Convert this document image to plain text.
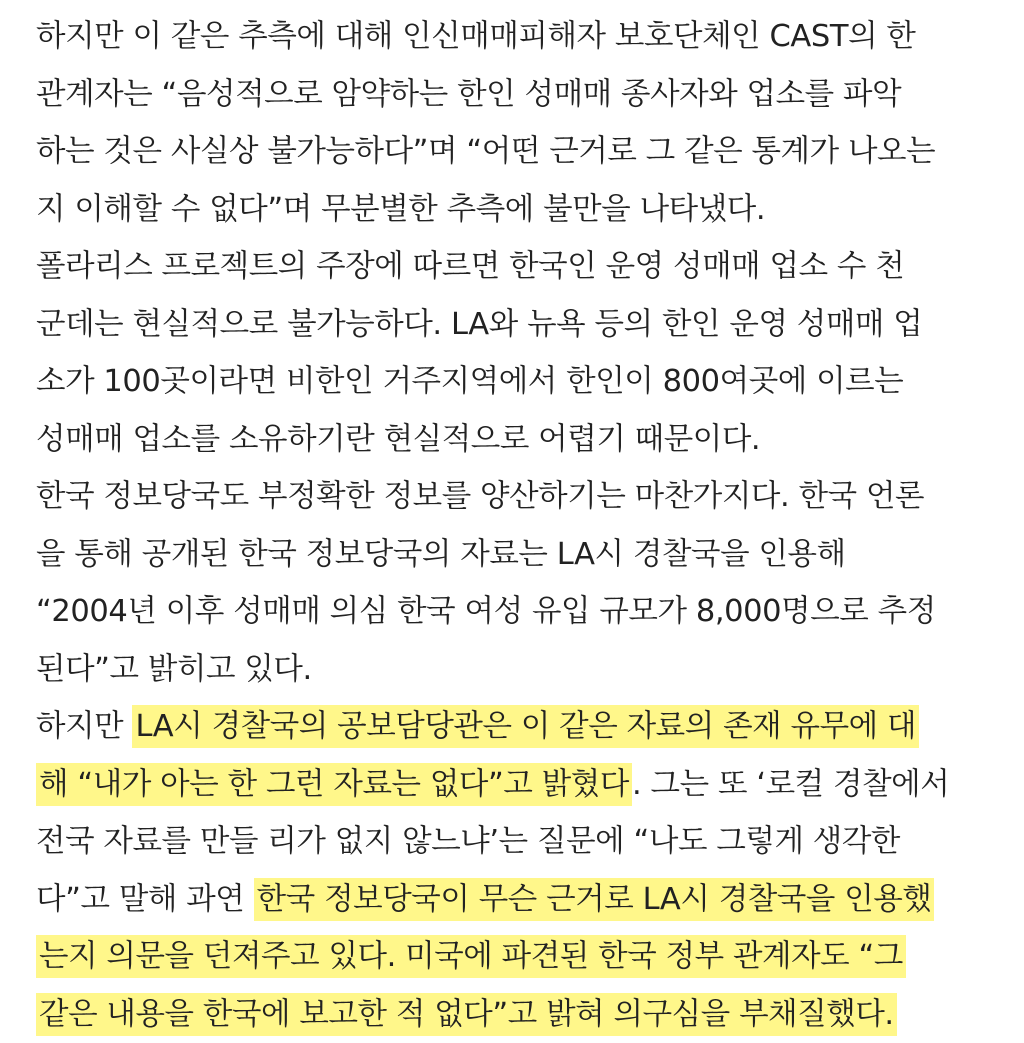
하지만 이 같은 추측에 대해 인신매매피해자 보호단체인 CAST의 한
관계자는 “음성적으로 암약하는 한인 성매매 종사자와 업소를 파악
하는 것은 사실상 불가능하다”며 “어떤 근거로 그 같은 통계가 나오는
지 이해할 수 없다”며 무분별한 추측에 불만을 나타냈다.
폴라리스 프로젝트의 주장에 따르면 한국인 운영 성매매 업소 수 천
군데는 현실적으로 불가능하다. LA와 뉴욕 등의 한인 운영 성매매 업
소가 100곳이라면 비한인 거주지역에서 한인이 800여곳에 이르는
성매매 업소를 소유하기란 현실적으로 어렵기 때문이다.
한국 정보당국도 부정확한 정보를 양산하기는 마찬가지다. 한국 언론
을 통해 공개된 한국 정보당국의 자료는 LA시 경찰국을 인용해
“2004년 이후 성매매 의심 한국 여성 유입 규모가 8,000명으로 추정
된다”고 밝히고 있다.
하지만 LA시 경찰국의 공보담당관은 이 같은 자료의 존재 유무에 대
해 “내가 아는 한 그런 자료는 없다”고 밝혔다. 그는 또 ‘로컬 경찰에서
전국 자료를 만들 리가 없지 않느냐’는 질문에 “나도 그렇게 생각한
다”고 말해 과연 한국 정보당국이 무슨 근거로 LA시 경찰국을 인용했
는지 의문을 던져주고 있다. 미국에 파견된 한국 정부 관계자도 “그
같은 내용을 한국에 보고한 적 없다”고 밝혀 의구심을 부채질했다.
